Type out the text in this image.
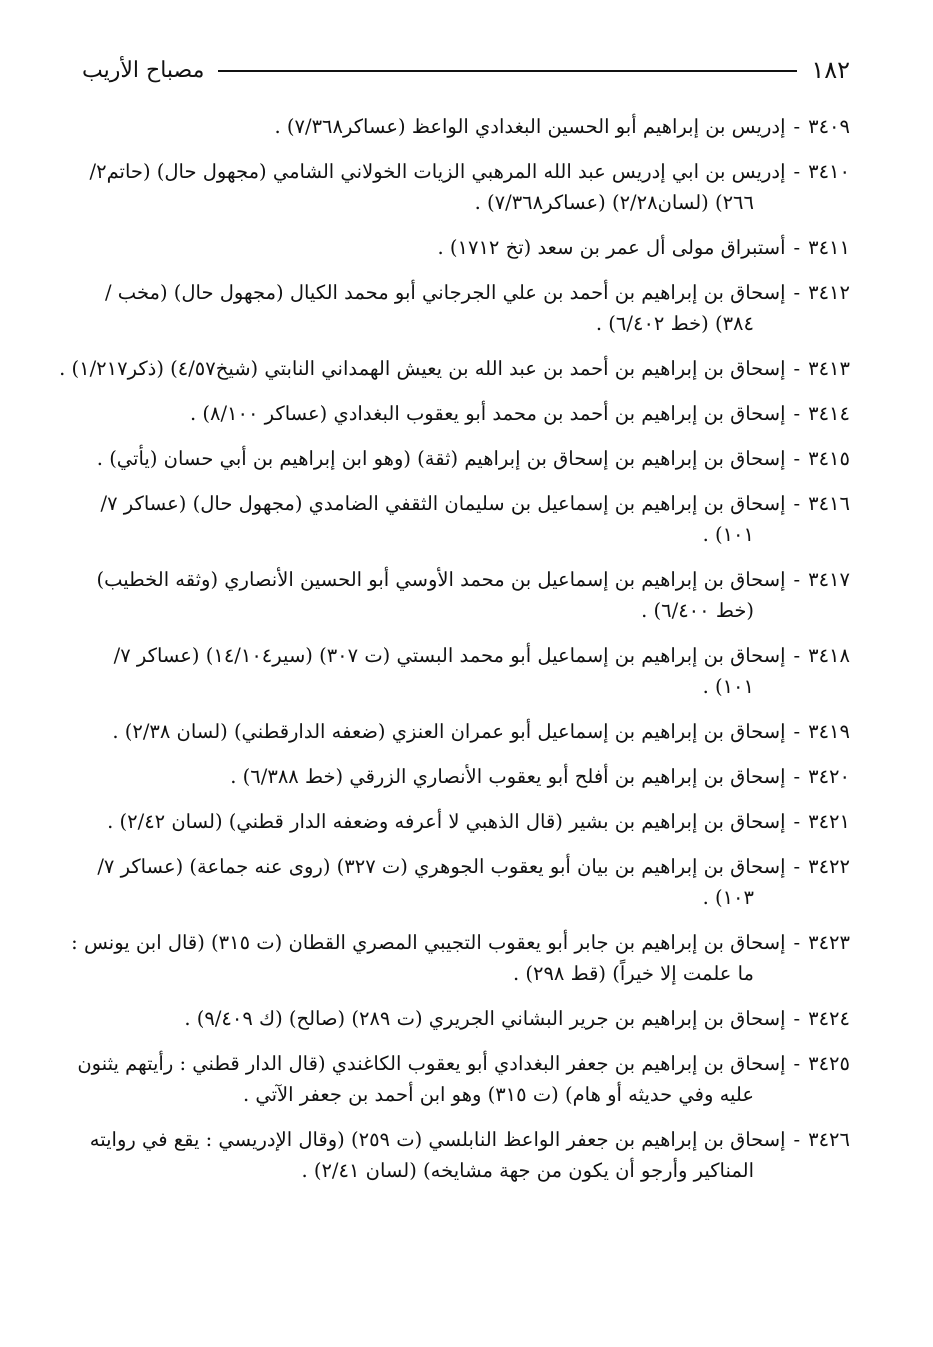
١٨٢
مصباح الأريب
٣٤٠٩
-
إدريس بن إبراهيم أبو الحسين البغدادي الواعظ (عساكر٧/٣٦٨) .
٣٤١٠
-
إدريس بن ابي إدريس عبد الله المرهبي الزيات الخولاني الشامي (مجهول حال) (حاتم٢/
٢٦٦) (لسان٢/٢٨) (عساكر٧/٣٦٨) .
٣٤١١
-
أستبراق مولى أل عمر بن سعد (تخ ١٧١٢) .
٣٤١٢
-
إسحاق بن إبراهيم بن أحمد بن علي الجرجاني أبو محمد الكيال (مجهول حال) (مخب /
٣٨٤) (خط ٦/٤٠٢) .
٣٤١٣
-
إسحاق بن إبراهيم بن أحمد بن عبد الله بن يعيش الهمداني النابتي (شيخ٤/٥٧) (ذكر١/٢١٧) .
٣٤١٤
-
إسحاق بن إبراهيم بن أحمد بن محمد أبو يعقوب البغدادي (عساكر ٨/١٠٠) .
٣٤١٥
-
إسحاق بن إبراهيم بن إسحاق بن إبراهيم (ثقة) (وهو ابن إبراهيم بن أبي حسان (يأتي) .
٣٤١٦
-
إسحاق بن إبراهيم بن إسماعيل بن سليمان الثقفي الضامدي (مجهول حال) (عساكر ٧/
١٠١) .
٣٤١٧
-
إسحاق بن إبراهيم بن إسماعيل بن محمد الأوسي أبو الحسين الأنصاري (وثقه الخطيب)
(خط ٦/٤٠٠) .
٣٤١٨
-
إسحاق بن إبراهيم بن إسماعيل أبو محمد البستي (ت ٣٠٧) (سير١٤/١٠٤) (عساكر ٧/
١٠١) .
٣٤١٩
-
إسحاق بن إبراهيم بن إسماعيل أبو عمران العنزي (ضعفه الدارقطني) (لسان ٢/٣٨) .
٣٤٢٠
-
إسحاق بن إبراهيم بن أفلح أبو يعقوب الأنصاري الزرقي (خط ٦/٣٨٨) .
٣٤٢١
-
إسحاق بن إبراهيم بن بشير (قال الذهبي لا أعرفه وضعفه الدار قطني) (لسان ٢/٤٢) .
٣٤٢٢
-
إسحاق بن إبراهيم بن بيان أبو يعقوب الجوهري (ت ٣٢٧) (روى عنه جماعة) (عساكر ٧/
١٠٣) .
٣٤٢٣
-
إسحاق بن إبراهيم بن جابر أبو يعقوب التجيبي المصري القطان (ت ٣١٥) (قال ابن يونس :
ما علمت إلا خيراً) (قط ٢٩٨) .
٣٤٢٤
-
إسحاق بن إبراهيم بن جرير البشاني الجريري (ت ٢٨٩) (صالح) (ك ٩/٤٠٩) .
٣٤٢٥
-
إسحاق بن إبراهيم بن جعفر البغدادي أبو يعقوب الكاغندي (قال الدار قطني : رأيتهم يثنون
عليه وفي حديثه أو هام) (ت ٣١٥) وهو ابن أحمد بن جعفر الآتي .
٣٤٢٦
-
إسحاق بن إبراهيم بن جعفر الواعظ النابلسي (ت ٢٥٩) (وقال الإدريسي : يقع في روايته
المناكير وأرجو أن يكون من جهة مشايخه) (لسان ٢/٤١) .
